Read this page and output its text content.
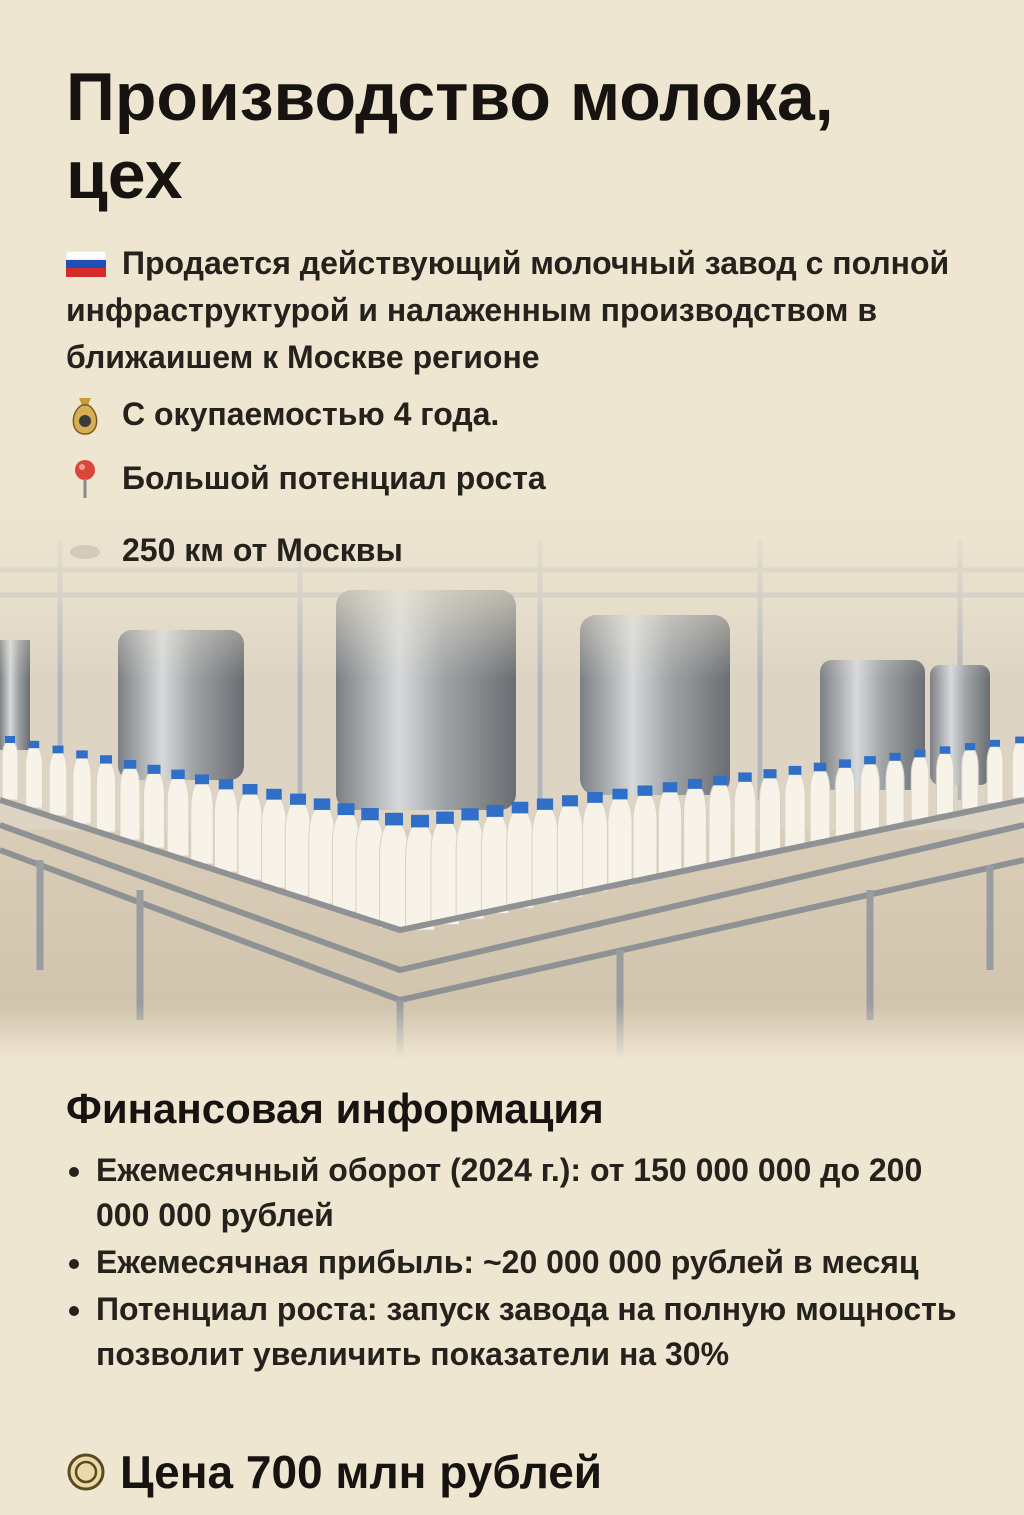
Производство молока, цех
Продается действующий молочный завод с полной инфраструктурой и налаженным производством в ближаишем к Москве регионе
С окупаемостью 4 года.
Большой потенциал роста
250 км от Москвы
Финансовая информация
Ежемесячный оборот (2024 г.): от 150 000 000 до 200 000 000 рублей
Ежемесячная прибыль: ~20 000 000 рублей в месяц
Потенциал роста: запуск завода на полную мощность позволит увеличить показатели на 30%
Цена 700 млн рублей
